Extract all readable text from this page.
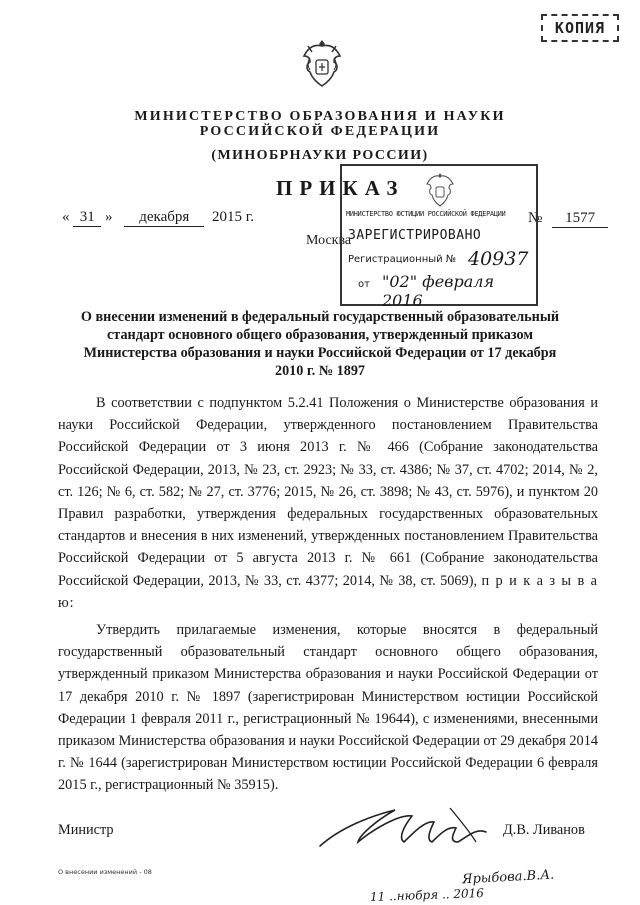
КОПИЯ
МИНИСТЕРСТВО ОБРАЗОВАНИЯ И НАУКИ
РОССИЙСКОЙ ФЕДЕРАЦИИ
(МИНОБРНАУКИ РОССИИ)
ПРИКАЗ
« 31 » декабря 2015 г.	№ 1577
Москва
МИНИСТЕРСТВО ЮСТИЦИИ РОССИЙСКОЙ ФЕДЕРАЦИИ
ЗАРЕГИСТРИРОВАНО
Регистрационный № 40937
от "02" февраля 2016
О внесении изменений в федеральный государственный образовательный стандарт основного общего образования, утвержденный приказом Министерства образования и науки Российской Федерации от 17 декабря 2010 г. № 1897
В соответствии с подпунктом 5.2.41 Положения о Министерстве образования и науки Российской Федерации, утвержденного постановлением Правительства Российской Федерации от 3 июня 2013 г. № 466 (Собрание законодательства Российской Федерации, 2013, № 23, ст. 2923; № 33, ст. 4386; № 37, ст. 4702; 2014, № 2, ст. 126; № 6, ст. 582; № 27, ст. 3776; 2015, № 26, ст. 3898; № 43, ст. 5976), и пунктом 20 Правил разработки, утверждения федеральных государственных образовательных стандартов и внесения в них изменений, утвержденных постановлением Правительства Российской Федерации от 5 августа 2013 г. № 661 (Собрание законодательства Российской Федерации, 2013, № 33, ст. 4377; 2014, № 38, ст. 5069), п р и к а з ы в а ю:
Утвердить прилагаемые изменения, которые вносятся в федеральный государственный образовательный стандарт основного общего образования, утвержденный приказом Министерства образования и науки Российской Федерации от 17 декабря 2010 г. № 1897 (зарегистрирован Министерством юстиции Российской Федерации 1 февраля 2011 г., регистрационный № 19644), с изменениями, внесенными приказом Министерства образования и науки Российской Федерации от 29 декабря 2014 г. № 1644 (зарегистрирован Министерством юстиции Российской Федерации 6 февраля 2015 г., регистрационный № 35915).
Министр	Д.В. Ливанов
О внесении изменений - 08	Ярыбова.В.А.
11 ..нюбря .. 2016
